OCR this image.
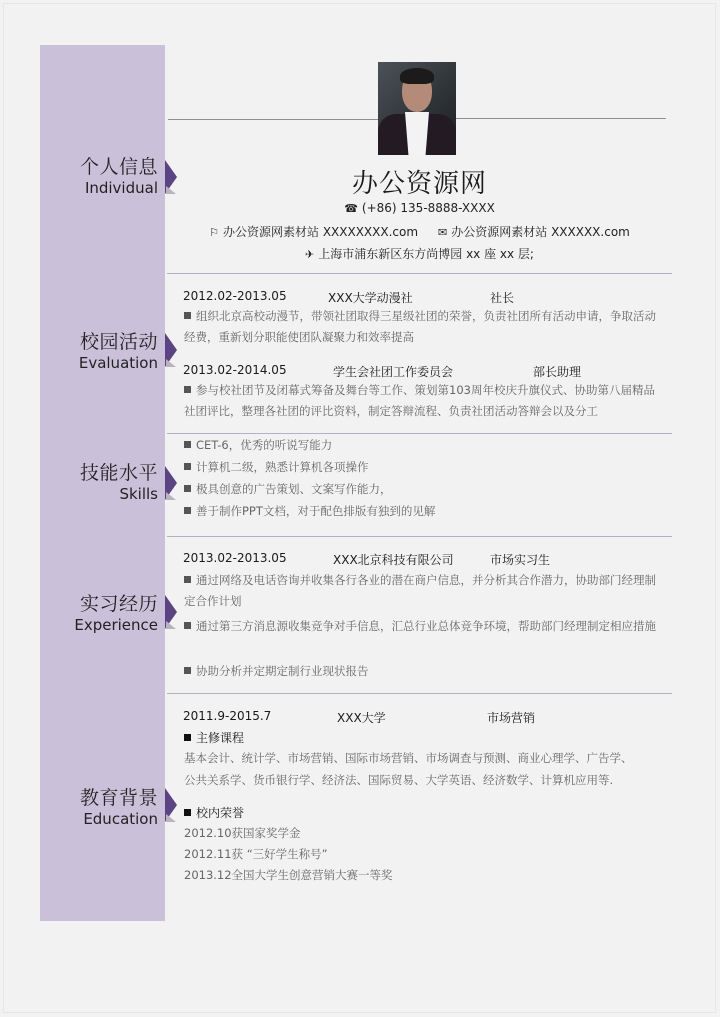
个人信息
Individual
校园活动
Evaluation
技能水平
Skills
实习经历
Experience
教育背景
Education
办公资源网
☎ (+86) 135-8888-XXXX
⚐ 办公资源网素材站 XXXXXXXX.com ✉ 办公资源网素材站 XXXXXX.com
✈ 上海市浦东新区东方尚博园 xx 座 xx 层;
2012.02-2013.05	XXX大学动漫社	社长
组织北京高校动漫节，带领社团取得三星级社团的荣誉，负责社团所有活动申请，争取活动经费，重新划分职能使团队凝聚力和效率提高
2013.02-2014.05	学生会社团工作委员会	部长助理
参与校社团节及闭幕式筹备及舞台等工作、策划第103周年校庆升旗仪式、协助第八届精品社团评比，整理各社团的评比资料，制定答辩流程、负责社团活动答辩会以及分工
CET-6，优秀的听说写能力
计算机二级，熟悉计算机各项操作
极具创意的广告策划、文案写作能力，
善于制作PPT文档，对于配色排版有独到的见解
2013.02-2013.05	XXX北京科技有限公司	市场实习生
通过网络及电话咨询并收集各行各业的潜在商户信息，并分析其合作潜力，协助部门经理制定合作计划
通过第三方消息源收集竞争对手信息，汇总行业总体竞争环境，帮助部门经理制定相应措施
协助分析并定期定制行业现状报告
2011.9-2015.7	XXX大学	市场营销
主修课程
基本会计、统计学、市场营销、国际市场营销、市场调查与预测、商业心理学、广告学、
公共关系学、货币银行学、经济法、国际贸易、大学英语、经济数学、计算机应用等.
校内荣誉
2012.10获国家奖学金
2012.11获 “三好学生称号”
2013.12全国大学生创意营销大赛一等奖
